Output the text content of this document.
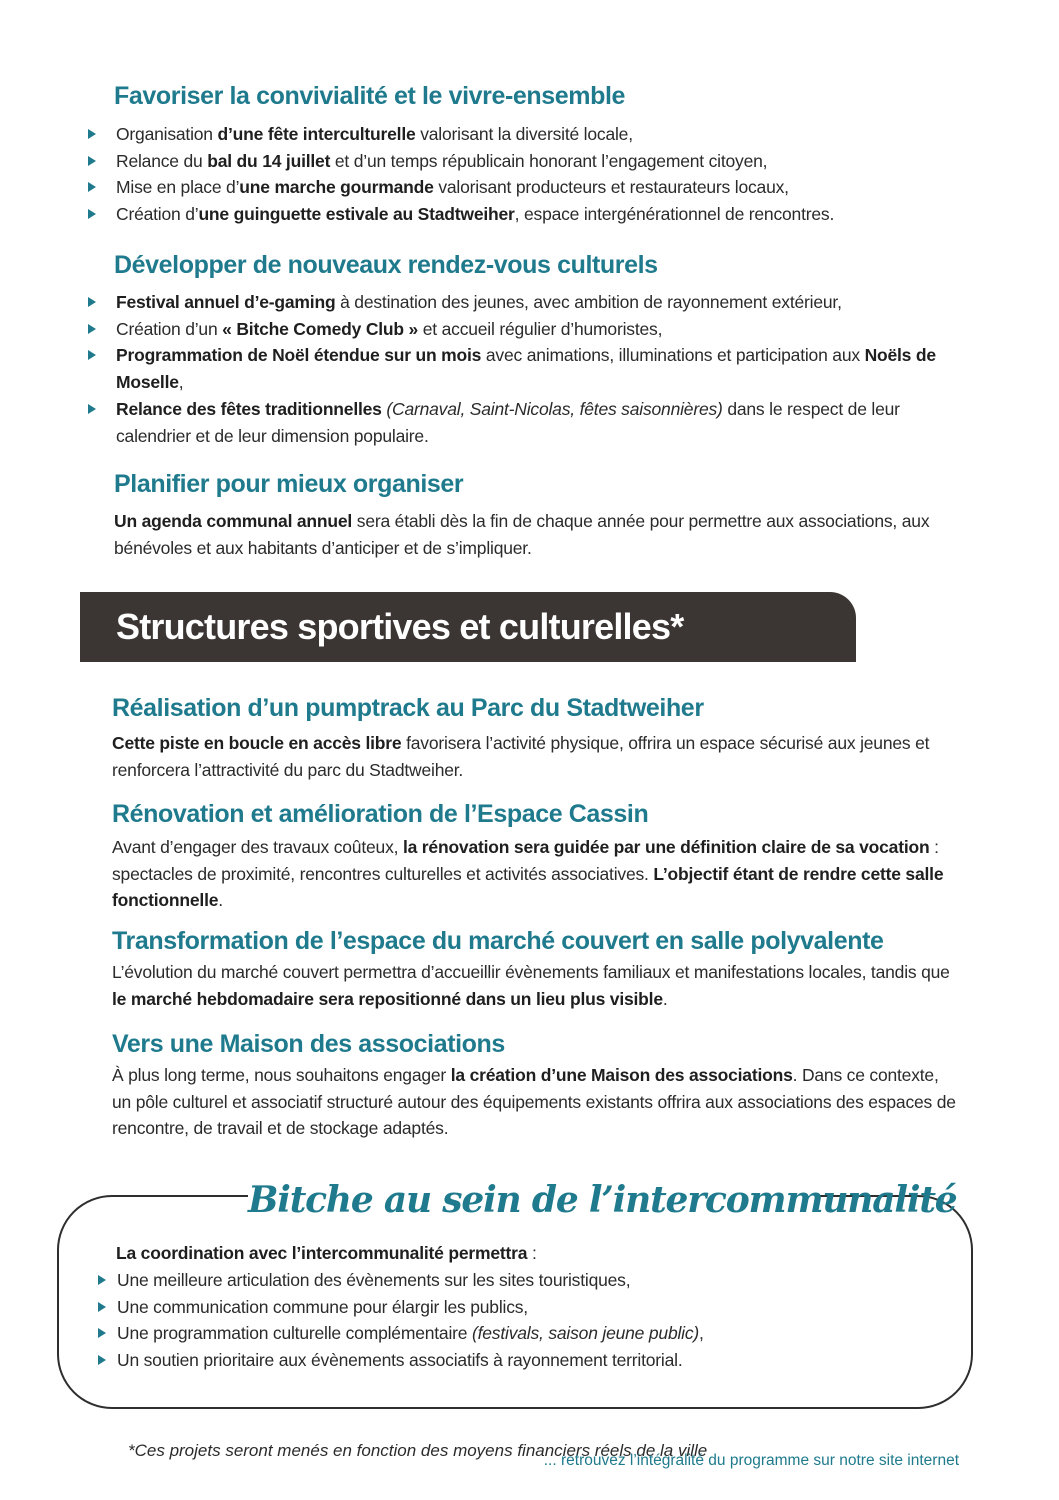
Favoriser la convivialité et le vivre-ensemble
Organisation d’une fête interculturelle valorisant la diversité locale,
Relance du bal du 14 juillet et d’un temps républicain honorant l’engagement citoyen,
Mise en place d’une marche gourmande valorisant producteurs et restaurateurs locaux,
Création d’une guinguette estivale au Stadtweiher, espace intergénérationnel de rencontres.
Développer de nouveaux rendez-vous culturels
Festival annuel d’e-gaming à destination des jeunes, avec ambition de rayonnement extérieur,
Création d’un « Bitche Comedy Club » et accueil régulier d’humoristes,
Programmation de Noël étendue sur un mois avec animations, illuminations et participation aux Noëls de Moselle,
Relance des fêtes traditionnelles (Carnaval, Saint-Nicolas, fêtes saisonnières) dans le respect de leur calendrier et de leur dimension populaire.
Planifier pour mieux organiser

Un agenda communal annuel sera établi dès la fin de chaque année pour permettre aux associations, aux bénévoles et aux habitants d’anticiper et de s’impliquer.

Structures sportives et culturelles*
Réalisation d’un pumptrack au Parc du Stadtweiher

Cette piste en boucle en accès libre favorisera l’activité physique, offrira un espace sécurisé aux jeunes et renforcera l’attractivité du parc du Stadtweiher.

Rénovation et amélioration de l’Espace Cassin

Avant d’engager des travaux coûteux, la rénovation sera guidée par une définition claire de sa vocation : spectacles de proximité, rencontres culturelles et activités associatives. L’objectif étant de rendre cette salle fonctionnelle.

Transformation de l’espace du marché couvert en salle polyvalente

L’évolution du marché couvert permettra d’accueillir évènements familiaux et manifestations locales, tandis que le marché hebdomadaire sera repositionné dans un lieu plus visible.

Vers une Maison des associations

À plus long terme, nous souhaitons engager la création d’une Maison des associations. Dans ce contexte, un pôle culturel et associatif structuré autour des équipements existants offrira aux associations des espaces de rencontre, de travail et de stockage adaptés.

Bitche au sein de l’intercommunalité

La coordination avec l’intercommunalité permettra :

Une meilleure articulation des évènements sur les sites touristiques,
Une communication commune pour élargir les publics,
Une programmation culturelle complémentaire (festivals, saison jeune public),
Un soutien prioritaire aux évènements associatifs à rayonnement territorial.

*Ces projets seront menés en fonction des moyens financiers réels de la ville

... retrouvez l’intégralité du programme sur notre site internet
